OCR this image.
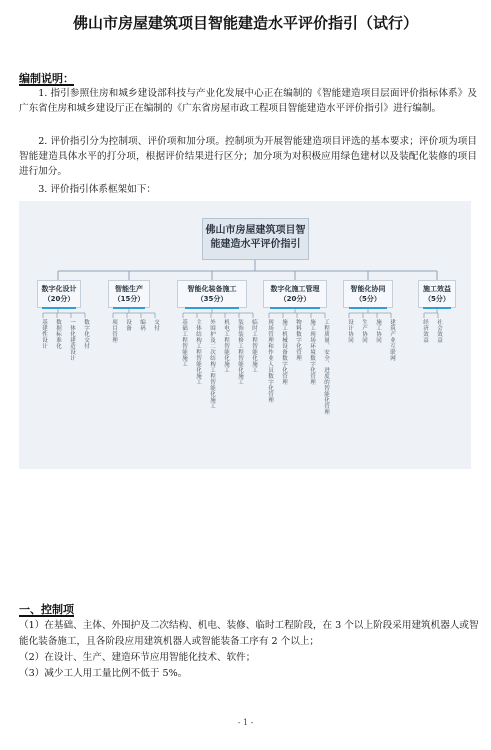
佛山市房屋建筑项目智能建造水平评价指引（试行）
编制说明：
1. 指引参照住房和城乡建设部科技与产业化发展中心正在编制的《智能建造项目层面评价指标体系》及广东省住房和城乡建设厅正在编制的《广东省房屋市政工程项目智能建造水平评价指引》进行编制。
2. 评价指引分为控制项、评价项和加分项。控制项为开展智能建造项目评选的基本要求；评价项为项目智能建造具体水平的打分项，根据评价结果进行区分；加分项为对积极应用绿色建材以及装配化装修的项目进行加分。
3. 评价指引体系框架如下：
佛山市房屋建筑项目智能建造水平评价指引
数字化设计
（20分）
智能生产
（15分）
智能化装备施工
（35分）
数字化施工管理
（20分）
智能化协同
（5分）
施工效益
（5分）
基建性设计	数据标准化	一体化建造设计	数字化交付	项目管理	设备	编码	交付	基础工程智能施工	主体结构工程智能化施工	外围护及二次结构工程智能化施工	机电工程智能化施工	装饰装修工程智能化施工	临时工程智能化施工	现场管理和作业人员数字化管理	施工机械设备数字化管理	物料数字化管理	施工现场环境数字化管理	工程质量、安全、进度的智能化管理	设计协同	生产协同	施工协同	建筑产业互联网	经济效益	社会效益
一、控制项
（1）在基础、主体、外围护及二次结构、机电、装修、临时工程阶段，在 3 个以上阶段采用建筑机器人或智能化装备施工，且各阶段应用建筑机器人或智能装备工序有 2 个以上；
（2）在设计、生产、建造环节应用智能化技术、软件；
（3）减少工人用工量比例不低于 5%。
- 1 -
